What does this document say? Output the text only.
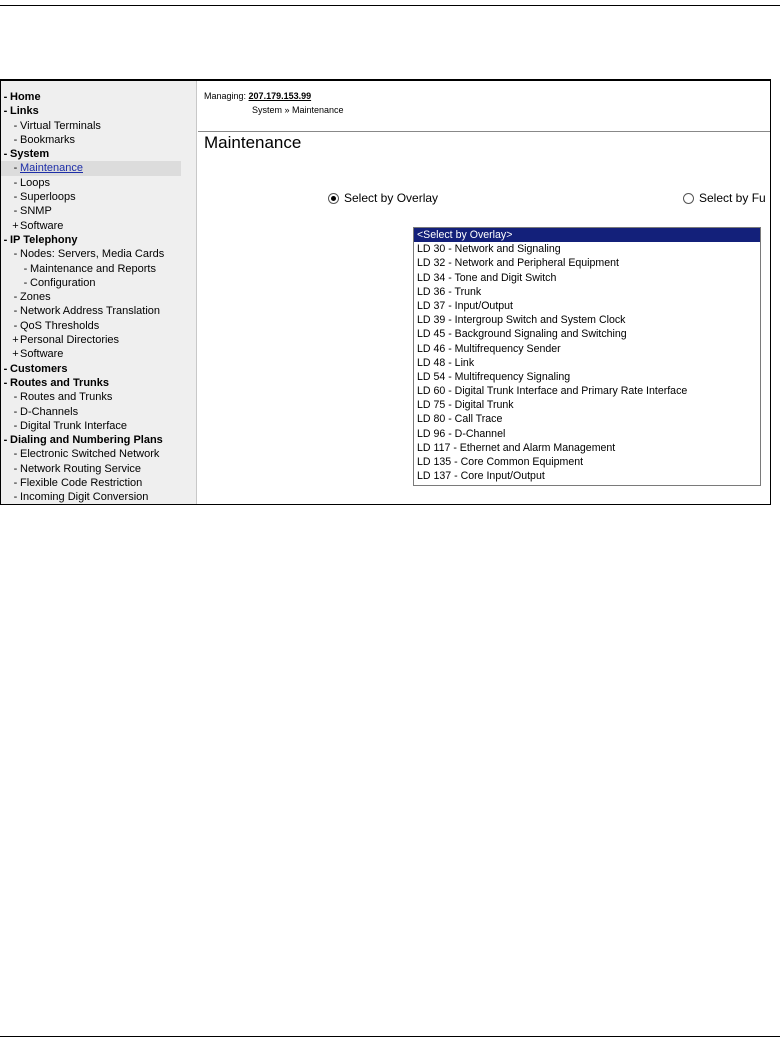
- Home
- Links
- Virtual Terminals
- Bookmarks
- System
- Maintenance
- Loops
- Superloops
- SNMP
+Software
- IP Telephony
- Nodes: Servers, Media Cards
- Maintenance and Reports
- Configuration
- Zones
- Network Address Translation
- QoS Thresholds
+Personal Directories
+Software
- Customers
- Routes and Trunks
- Routes and Trunks
- D-Channels
- Digital Trunk Interface
- Dialing and Numbering Plans
- Electronic Switched Network
- Network Routing Service
- Flexible Code Restriction
- Incoming Digit Conversion
Managing: 207.179.153.99
System » Maintenance
Maintenance
Select by Overlay	Select by Fu
<Select by Overlay>
LD 30 - Network and Signaling
LD 32 - Network and Peripheral Equipment
LD 34 - Tone and Digit Switch
LD 36 - Trunk
LD 37 - Input/Output
LD 39 - Intergroup Switch and System Clock
LD 45 - Background Signaling and Switching
LD 46 - Multifrequency Sender
LD 48 - Link
LD 54 - Multifrequency Signaling
LD 60 - Digital Trunk Interface and Primary Rate Interface
LD 75 - Digital Trunk
LD 80 - Call Trace
LD 96 - D-Channel
LD 117 - Ethernet and Alarm Management
LD 135 - Core Common Equipment
LD 137 - Core Input/Output
